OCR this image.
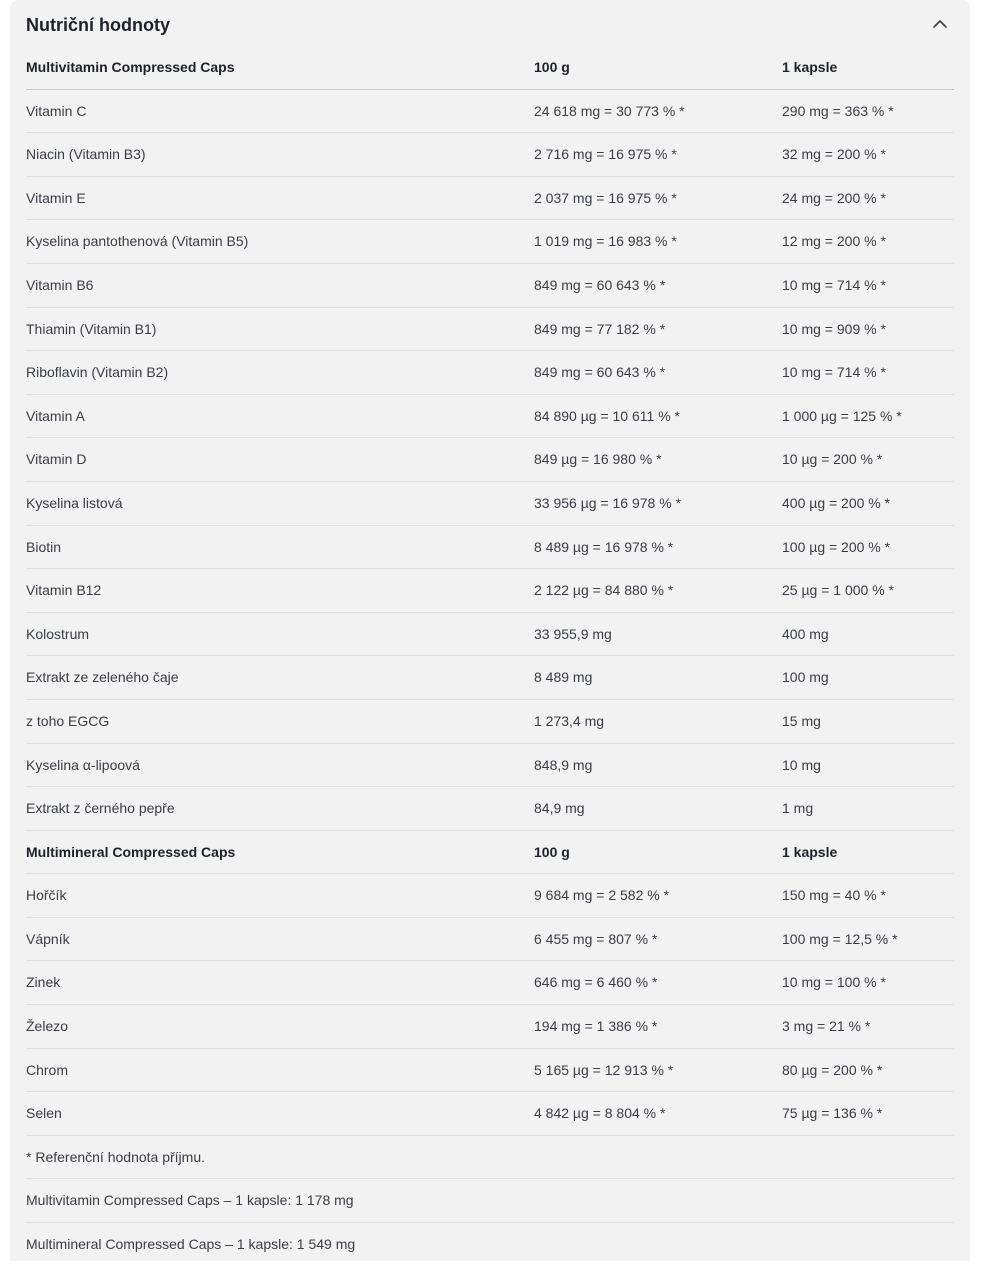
Nutriční hodnoty
Multivitamin Compressed Caps	100 g	1 kapsle
Vitamin C	24 618 mg = 30 773 % *	290 mg = 363 % *
Niacin (Vitamin B3)	2 716 mg = 16 975 % *	32 mg = 200 % *
Vitamin E	2 037 mg = 16 975 % *	24 mg = 200 % *
Kyselina pantothenová (Vitamin B5)	1 019 mg = 16 983 % *	12 mg = 200 % *
Vitamin B6	849 mg = 60 643 % *	10 mg = 714 % *
Thiamin (Vitamin B1)	849 mg = 77 182 % *	10 mg = 909 % *
Riboflavin (Vitamin B2)	849 mg = 60 643 % *	10 mg = 714 % *
Vitamin A	84 890 µg = 10 611 % *	1 000 µg = 125 % *
Vitamin D	849 µg = 16 980 % *	10 µg = 200 % *
Kyselina listová	33 956 µg = 16 978 % *	400 µg = 200 % *
Biotin	8 489 µg = 16 978 % *	100 µg = 200 % *
Vitamin B12	2 122 µg = 84 880 % *	25 µg = 1 000 % *
Kolostrum	33 955,9 mg	400 mg
Extrakt ze zeleného čaje	8 489 mg	100 mg
z toho EGCG	1 273,4 mg	15 mg
Kyselina α-lipoová	848,9 mg	10 mg
Extrakt z černého pepře	84,9 mg	1 mg
Multimineral Compressed Caps	100 g	1 kapsle
Hořčík	9 684 mg = 2 582 % *	150 mg = 40 % *
Vápník	6 455 mg = 807 % *	100 mg = 12,5 % *
Zinek	646 mg = 6 460 % *	10 mg = 100 % *
Železo	194 mg = 1 386 % *	3 mg = 21 % *
Chrom	5 165 µg = 12 913 % *	80 µg = 200 % *
Selen	4 842 µg = 8 804 % *	75 µg = 136 % *
* Referenční hodnota příjmu.
Multivitamin Compressed Caps – 1 kapsle: 1 178 mg
Multimineral Compressed Caps – 1 kapsle: 1 549 mg
